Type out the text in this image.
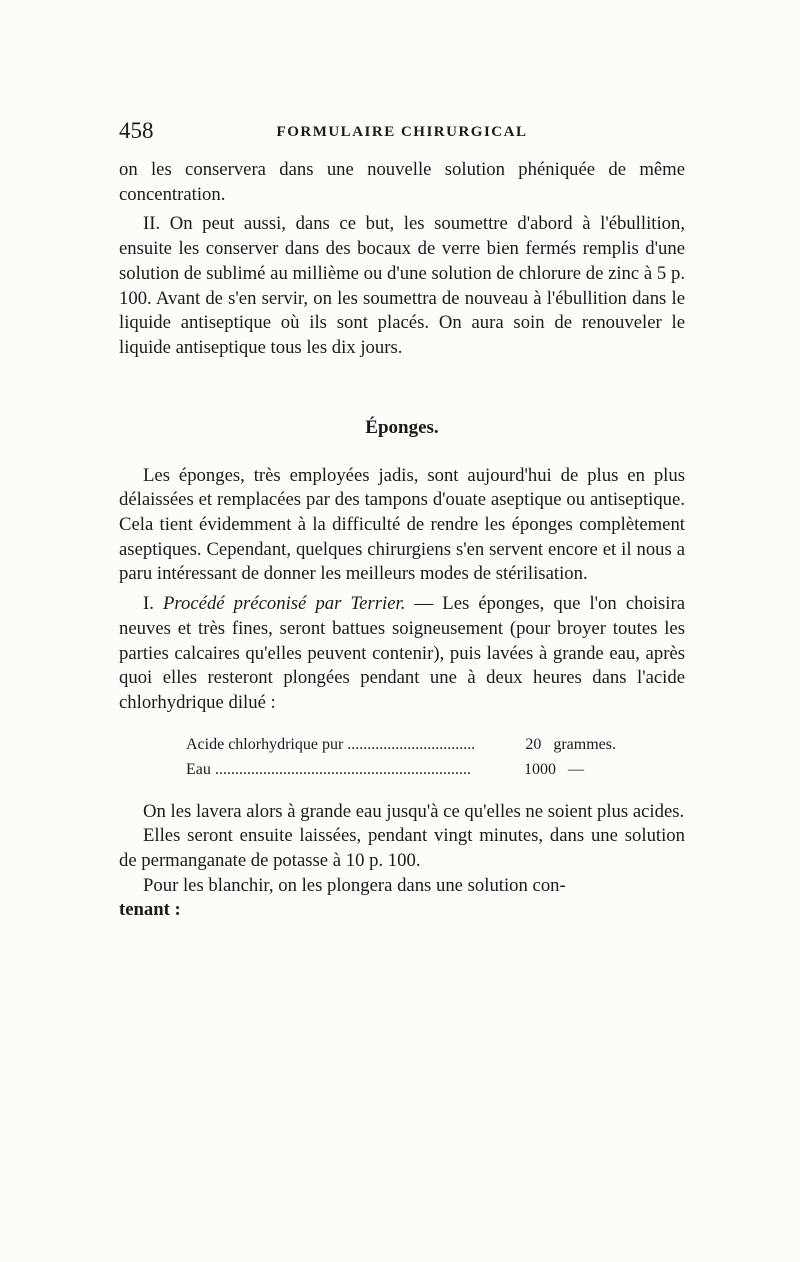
458	FORMULAIRE CHIRURGICAL

on les conservera dans une nouvelle solution phéniquée de même concentration.

II. On peut aussi, dans ce but, les soumettre d'abord à l'ébullition, ensuite les conserver dans des bocaux de verre bien fermés remplis d'une solution de sublimé au millième ou d'une solution de chlorure de zinc à 5 p. 100. Avant de s'en servir, on les soumettra de nouveau à l'ébullition dans le liquide antiseptique où ils sont placés. On aura soin de renouveler le liquide antiseptique tous les dix jours.

Éponges.

Les éponges, très employées jadis, sont aujourd'hui de plus en plus délaissées et remplacées par des tampons d'ouate aseptique ou antiseptique. Cela tient évidemment à la difficulté de rendre les éponges complètement aseptiques. Cependant, quelques chirurgiens s'en servent encore et il nous a paru intéressant de donner les meilleurs modes de stérilisation.

I. Procédé préconisé par Terrier. — Les éponges, que l'on choisira neuves et très fines, seront battues soigneusement (pour broyer toutes les parties calcaires qu'elles peuvent contenir), puis lavées à grande eau, après quoi elles resteront plongées pendant une à deux heures dans l'acide chlorhydrique dilué :

Acide chlorhydrique pur .....	20 grammes.
Eau .....	1000 —

On les lavera alors à grande eau jusqu'à ce qu'elles ne soient plus acides.

Elles seront ensuite laissées, pendant vingt minutes, dans une solution de permanganate de potasse à 10 p. 100.

Pour les blanchir, on les plongera dans une solution con-
tenant :
